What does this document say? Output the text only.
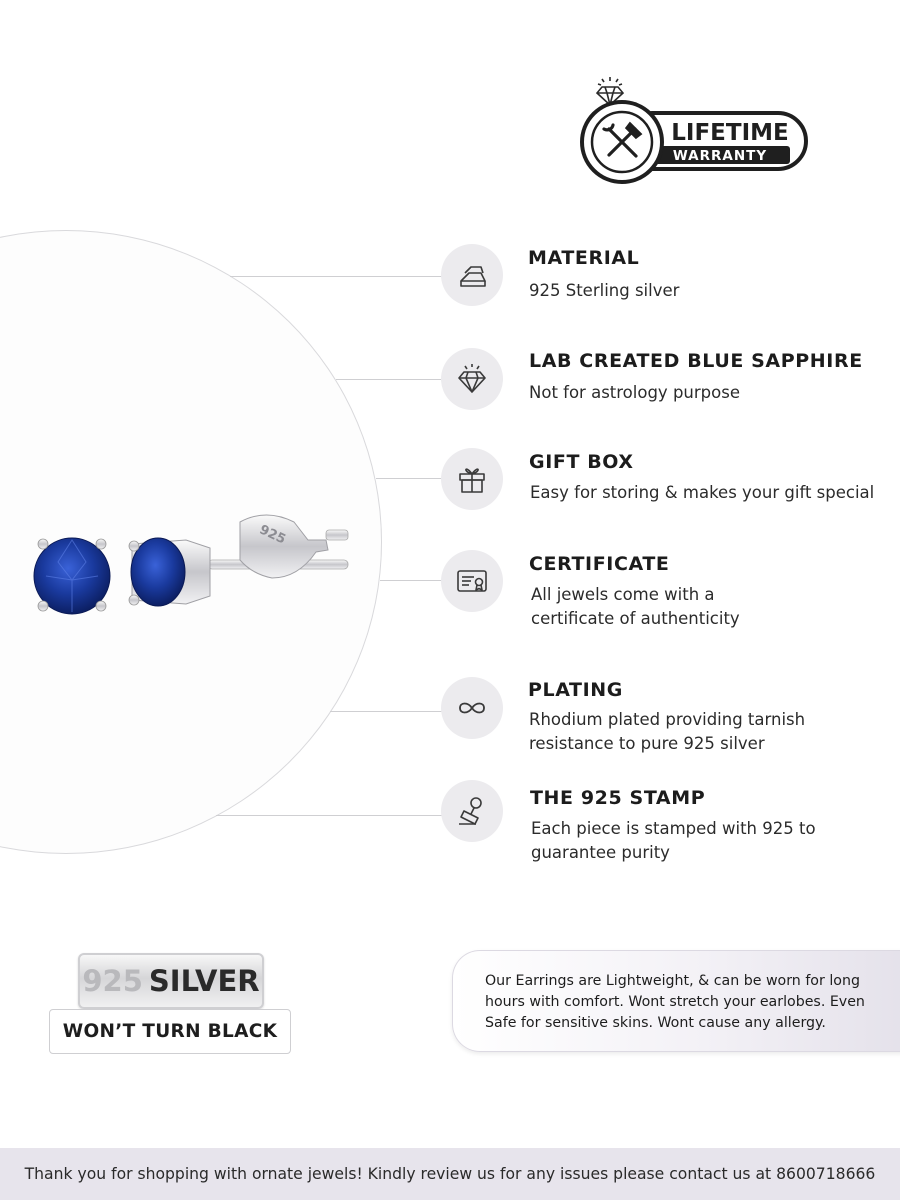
LIFETIME
WARRANTY
925
MATERIAL
925 Sterling silver
LAB CREATED BLUE SAPPHIRE
Not for astrology purpose
GIFT BOX
Easy for storing & makes your gift special
CERTIFICATE
All jewels come with a
certificate of authenticity
PLATING
Rhodium plated providing tarnish
resistance to pure 925 silver
THE 925 STAMP
Each piece is stamped with 925 to
guarantee purity
925 SILVER
WON’T TURN BLACK
Our Earrings are Lightweight, & can be worn for long
hours with comfort. Wont stretch your earlobes. Even
Safe for sensitive skins. Wont cause any allergy.
Thank you for shopping with ornate jewels! Kindly review us for any issues please contact us at 8600718666
